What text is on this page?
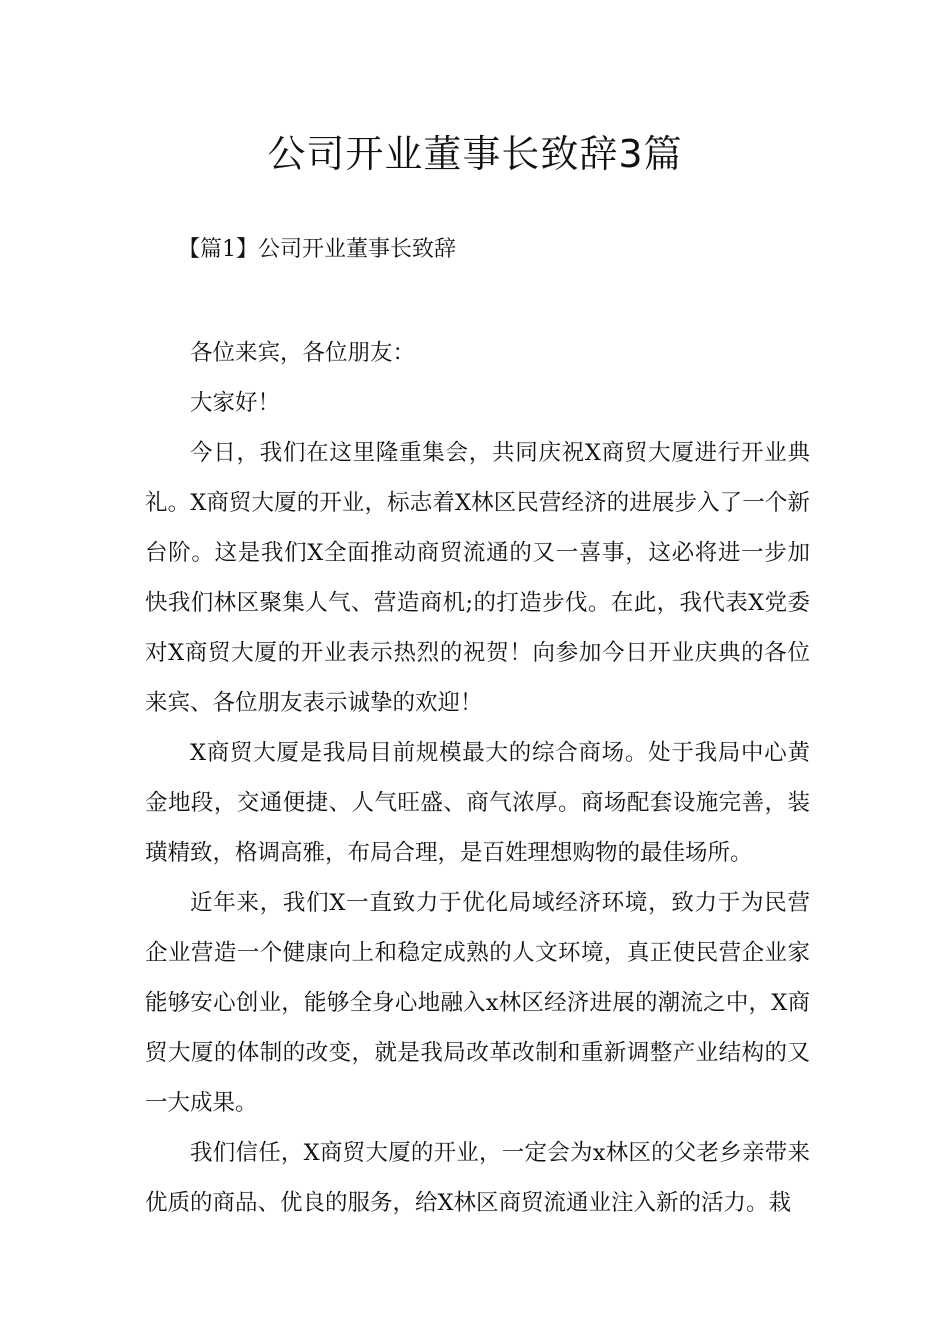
公司开业董事长致辞3篇

【篇1】公司开业董事长致辞

各位来宾，各位朋友：

大家好！

今日，我们在这里隆重集会，共同庆祝X商贸大厦进行开业典礼。X商贸大厦的开业，标志着X林区民营经济的进展步入了一个新台阶。这是我们X全面推动商贸流通的又一喜事，这必将进一步加快我们林区聚集人气、营造商机;的打造步伐。在此，我代表X党委对X商贸大厦的开业表示热烈的祝贺！向参加今日开业庆典的各位来宾、各位朋友表示诚挚的欢迎！

X商贸大厦是我局目前规模最大的综合商场。处于我局中心黄金地段，交通便捷、人气旺盛、商气浓厚。商场配套设施完善，装璜精致，格调高雅，布局合理，是百姓理想购物的最佳场所。

近年来，我们X一直致力于优化局域经济环境，致力于为民营企业营造一个健康向上和稳定成熟的人文环境，真正使民营企业家能够安心创业，能够全身心地融入x林区经济进展的潮流之中，X商贸大厦的体制的改变，就是我局改革改制和重新调整产业结构的又一大成果。

我们信任，X商贸大厦的开业，一定会为x林区的父老乡亲带来优质的商品、优良的服务，给X林区商贸流通业注入新的活力。栽
